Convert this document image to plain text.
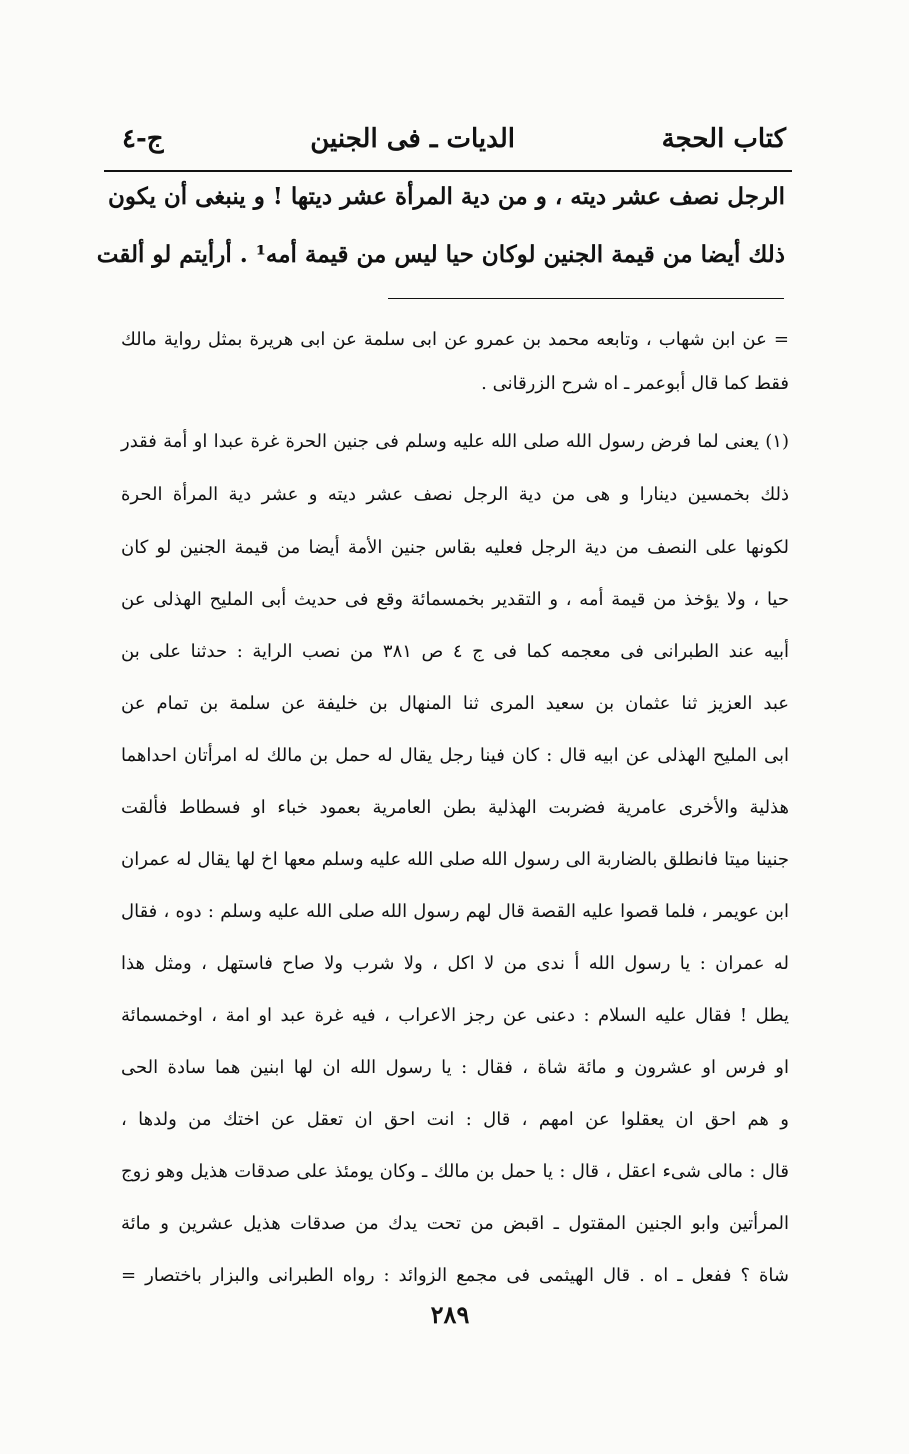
كتاب الحجة
الديات ـ فى الجنين
ج-٤
الرجل نصف عشر ديته ، و من دية المرأة عشر ديتها ! و ينبغى أن يكون
ذلك أيضا من قيمة الجنين لوكان حيا ليس من قيمة أمه¹ . أرأيتم لو ألقت
= عن ابن شهاب ، وتابعه محمد بن عمرو عن ابى سلمة عن ابى هريرة بمثل رواية مالك
فقط كما قال أبوعمر ـ اه شرح الزرقانى .
(١) يعنى لما فرض رسول الله صلى الله عليه وسلم فى جنين الحرة غرة عبدا او أمة فقدر
ذلك بخمسين دينارا و هى من دية الرجل نصف عشر ديته و عشر دية المرأة الحرة
لكونها على النصف من دية الرجل فعليه بقاس جنين الأمة أيضا من قيمة الجنين لو كان
حيا ، ولا يؤخذ من قيمة أمه ، و التقدير بخمسمائة وقع فى حديث أبى المليح الهذلى عن
أبيه عند الطبرانى فى معجمه كما فى ج ٤ ص ٣٨١ من نصب الراية : حدثنا على بن
عبد العزيز ثنا عثمان بن سعيد المرى ثنا المنهال بن خليفة عن سلمة بن تمام عن
ابى المليح الهذلى عن ابيه قال : كان فينا رجل يقال له حمل بن مالك له امرأتان احداهما
هذلية والأخرى عامرية فضربت الهذلية بطن العامرية بعمود خباء او فسطاط فألقت
جنينا ميتا فانطلق بالضاربة الى رسول الله صلى الله عليه وسلم معها اخ لها يقال له عمران
ابن عويمر ، فلما قصوا عليه القصة قال لهم رسول الله صلى الله عليه وسلم : دوه ، فقال
له عمران : يا رسول الله أ ندى من لا اكل ، ولا شرب ولا صاح فاستهل ، ومثل هذا
يطل ! فقال عليه السلام : دعنى عن رجز الاعراب ، فيه غرة عبد او امة ، اوخمسمائة
او فرس او عشرون و مائة شاة ، فقال : يا رسول الله ان لها ابنين هما سادة الحى
و هم احق ان يعقلوا عن امهم ، قال : انت احق ان تعقل عن اختك من ولدها ،
قال : مالى شىء اعقل ، قال : يا حمل بن مالك ـ وكان يومئذ على صدقات هذيل وهو زوج
المرأتين وابو الجنين المقتول ـ اقبض من تحت يدك من صدقات هذيل عشرين و مائة
شاة ؟ ففعل ـ اه . قال الهيثمى فى مجمع الزوائد : رواه الطبرانى والبزار باختصار =
٢٨٩
